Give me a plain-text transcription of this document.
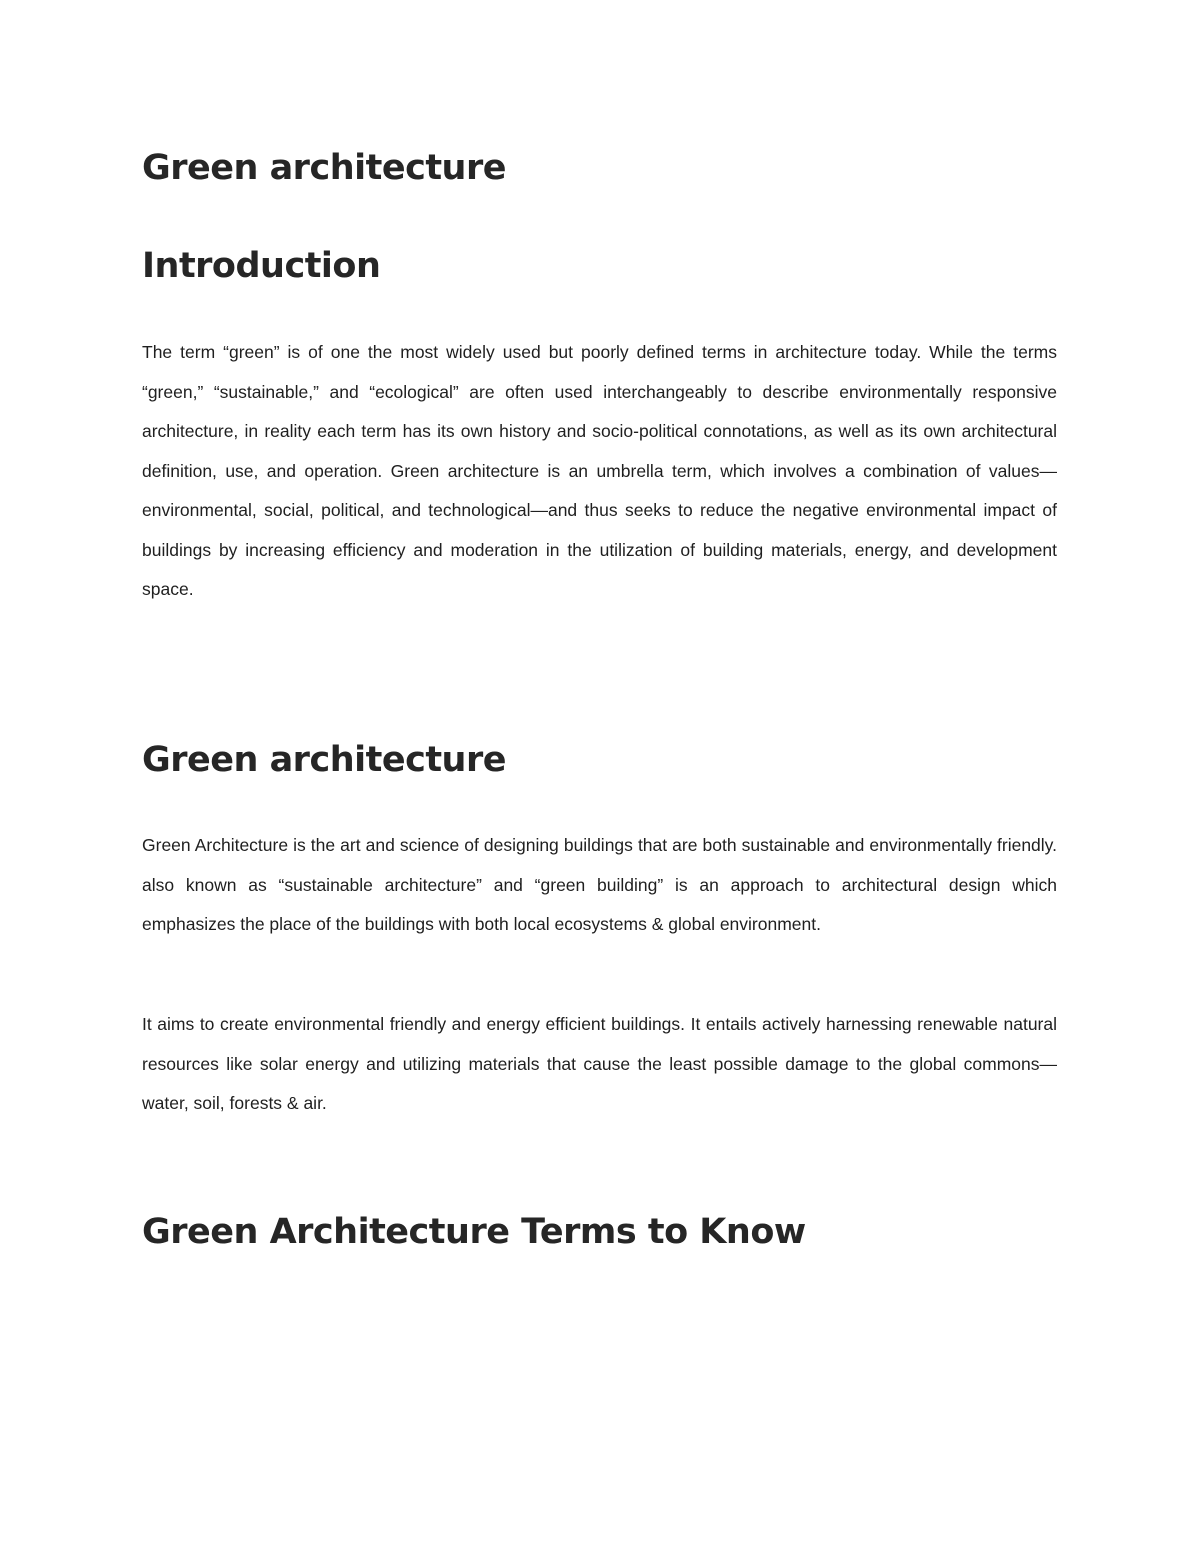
Green architecture
Introduction

The term “green” is of one the most widely used but poorly defined terms in architecture today. While the terms “green,” “sustainable,” and “ecological” are often used interchangeably to describe environmentally responsive architecture, in reality each term has its own history and socio-political connotations, as well as its own architectural definition, use, and operation. Green architecture is an umbrella term, which involves a combination of values—environmental, social, political, and technological—and thus seeks to reduce the negative environmental impact of buildings by increasing efficiency and moderation in the utilization of building materials, energy, and development space.

Green architecture

Green Architecture is the art and science of designing buildings that are both sustainable and environmentally friendly. also known as “sustainable architecture” and “green building” is an approach to architectural design which emphasizes the place of the buildings with both local ecosystems & global environment.

It aims to create environmental friendly and energy efficient buildings. It entails actively harnessing renewable natural resources like solar energy and utilizing materials that cause the least possible damage to the global commons—water, soil, forests & air.

Green Architecture Terms to Know
